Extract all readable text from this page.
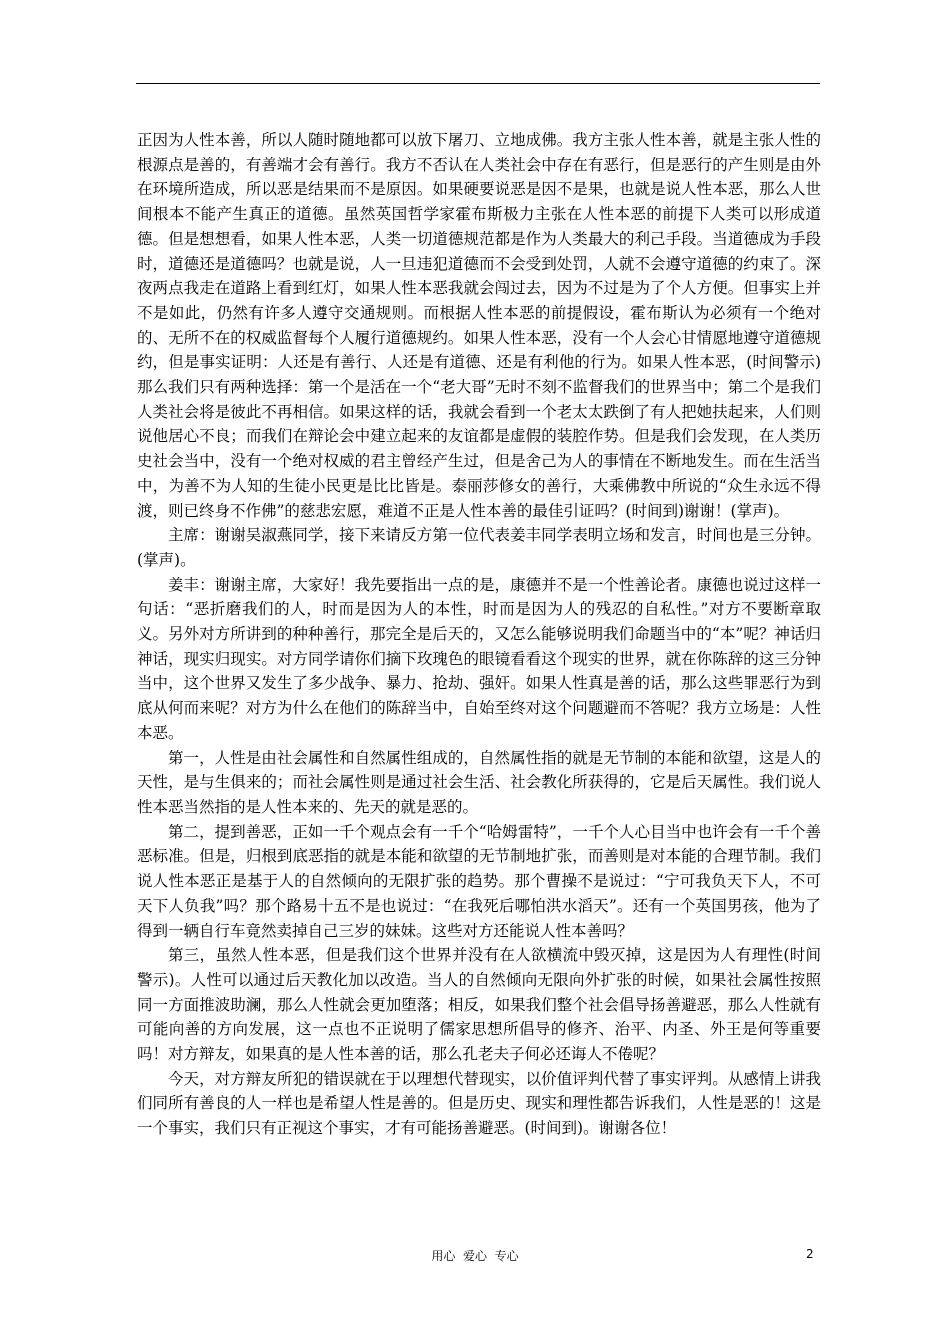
正因为人性本善，所以人随时随地都可以放下屠刀、立地成佛。我方主张人性本善，就是主张人性的根源点是善的，有善端才会有善行。我方不否认在人类社会中存在有恶行，但是恶行的产生则是由外在环境所造成，所以恶是结果而不是原因。如果硬要说恶是因不是果，也就是说人性本恶，那么人世间根本不能产生真正的道德。虽然英国哲学家霍布斯极力主张在人性本恶的前提下人类可以形成道德。但是想想看，如果人性本恶，人类一切道德规范都是作为人类最大的利己手段。当道德成为手段时，道德还是道德吗？也就是说，人一旦违犯道德而不会受到处罚，人就不会遵守道德的约束了。深夜两点我走在道路上看到红灯，如果人性本恶我就会闯过去，因为不过是为了个人方便。但事实上并不是如此，仍然有许多人遵守交通规则。而根据人性本恶的前提假设，霍布斯认为必须有一个绝对的、无所不在的权威监督每个人履行道德规约。如果人性本恶，没有一个人会心甘情愿地遵守道德规约，但是事实证明：人还是有善行、人还是有道德、还是有利他的行为。如果人性本恶，(时间警示)那么我们只有两种选择：第一个是活在一个“老大哥”无时不刻不监督我们的世界当中；第二个是我们人类社会将是彼此不再相信。如果这样的话，我就会看到一个老太太跌倒了有人把她扶起来，人们则说他居心不良；而我们在辩论会中建立起来的友谊都是虚假的装腔作势。但是我们会发现，在人类历史社会当中，没有一个绝对权威的君主曾经产生过，但是舍己为人的事情在不断地发生。而在生活当中，为善不为人知的生徒小民更是比比皆是。泰丽莎修女的善行，大乘佛教中所说的“众生永远不得渡，则已终身不作佛”的慈悲宏愿，难道不正是人性本善的最佳引证吗？(时间到)谢谢！(掌声)。

主席：谢谢吴淑燕同学，接下来请反方第一位代表姜丰同学表明立场和发言，时间也是三分钟。(掌声)。

姜丰：谢谢主席，大家好！我先要指出一点的是，康德并不是一个性善论者。康德也说过这样一句话：“恶折磨我们的人，时而是因为人的本性，时而是因为人的残忍的自私性。”对方不要断章取义。另外对方所讲到的种种善行，那完全是后天的，又怎么能够说明我们命题当中的“本”呢？神话归神话，现实归现实。对方同学请你们摘下玫瑰色的眼镜看看这个现实的世界，就在你陈辞的这三分钟当中，这个世界又发生了多少战争、暴力、抢劫、强奸。如果人性真是善的话，那么这些罪恶行为到底从何而来呢？对方为什么在他们的陈辞当中，自始至终对这个问题避而不答呢？我方立场是：人性本恶。

第一，人性是由社会属性和自然属性组成的，自然属性指的就是无节制的本能和欲望，这是人的天性，是与生俱来的；而社会属性则是通过社会生活、社会教化所获得的，它是后天属性。我们说人性本恶当然指的是人性本来的、先天的就是恶的。

第二，提到善恶，正如一千个观点会有一千个“哈姆雷特”，一千个人心目当中也许会有一千个善恶标准。但是，归根到底恶指的就是本能和欲望的无节制地扩张，而善则是对本能的合理节制。我们说人性本恶正是基于人的自然倾向的无限扩张的趋势。那个曹操不是说过：“宁可我负天下人，不可天下人负我”吗？那个路易十五不是也说过：“在我死后哪怕洪水滔天”。还有一个英国男孩，他为了得到一辆自行车竟然卖掉自己三岁的妹妹。这些对方还能说人性本善吗？

第三，虽然人性本恶，但是我们这个世界并没有在人欲横流中毁灭掉，这是因为人有理性(时间警示)。人性可以通过后天教化加以改造。当人的自然倾向无限向外扩张的时候，如果社会属性按照同一方面推波助澜，那么人性就会更加堕落；相反，如果我们整个社会倡导扬善避恶，那么人性就有可能向善的方向发展，这一点也不正说明了儒家思想所倡导的修齐、治平、内圣、外王是何等重要吗！对方辩友，如果真的是人性本善的话，那么孔老夫子何必还诲人不倦呢？

今天，对方辩友所犯的错误就在于以理想代替现实，以价值评判代替了事实评判。从感情上讲我们同所有善良的人一样也是希望人性是善的。但是历史、现实和理性都告诉我们，人性是恶的！这是一个事实，我们只有正视这个事实，才有可能扬善避恶。(时间到)。谢谢各位！

用心  爱心  专心	2
